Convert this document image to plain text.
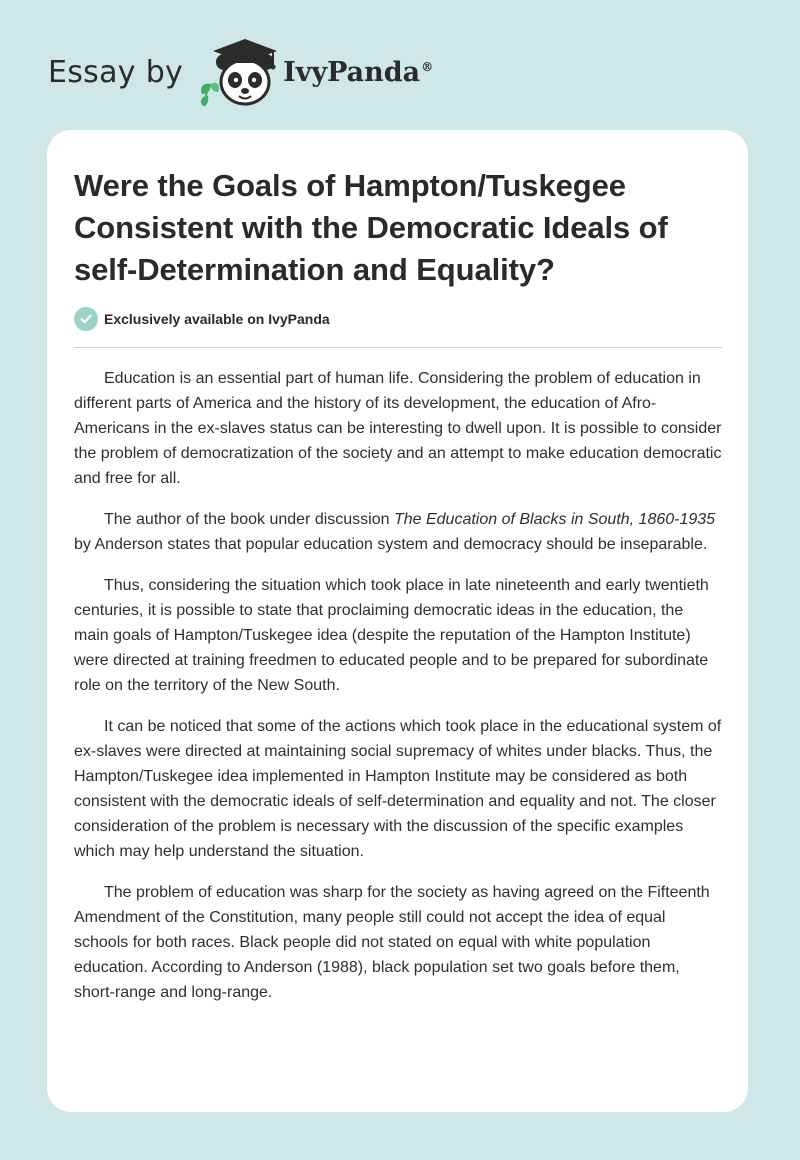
Essay by	IvyPanda®
Were the Goals of Hampton/Tuskegee Consistent with the Democratic Ideals of self-Determination and Equality?
Exclusively available on IvyPanda

Education is an essential part of human life. Considering the problem of education in different parts of America and the history of its development, the education of Afro-Americans in the ex-slaves status can be interesting to dwell upon. It is possible to consider the problem of democratization of the society and an attempt to make education democratic and free for all.

The author of the book under discussion The Education of Blacks in South, 1860-1935 by Anderson states that popular education system and democracy should be inseparable.

Thus, considering the situation which took place in late nineteenth and early twentieth centuries, it is possible to state that proclaiming democratic ideas in the education, the main goals of Hampton/Tuskegee idea (despite the reputation of the Hampton Institute) were directed at training freedmen to educated people and to be prepared for subordinate role on the territory of the New South.

It can be noticed that some of the actions which took place in the educational system of ex-slaves were directed at maintaining social supremacy of whites under blacks. Thus, the Hampton/Tuskegee idea implemented in Hampton Institute may be considered as both consistent with the democratic ideals of self-determination and equality and not. The closer consideration of the problem is necessary with the discussion of the specific examples which may help understand the situation.

The problem of education was sharp for the society as having agreed on the Fifteenth Amendment of the Constitution, many people still could not accept the idea of equal schools for both races. Black people did not stated on equal with white population education. According to Anderson (1988), black population set two goals before them, short-range and long-range.
